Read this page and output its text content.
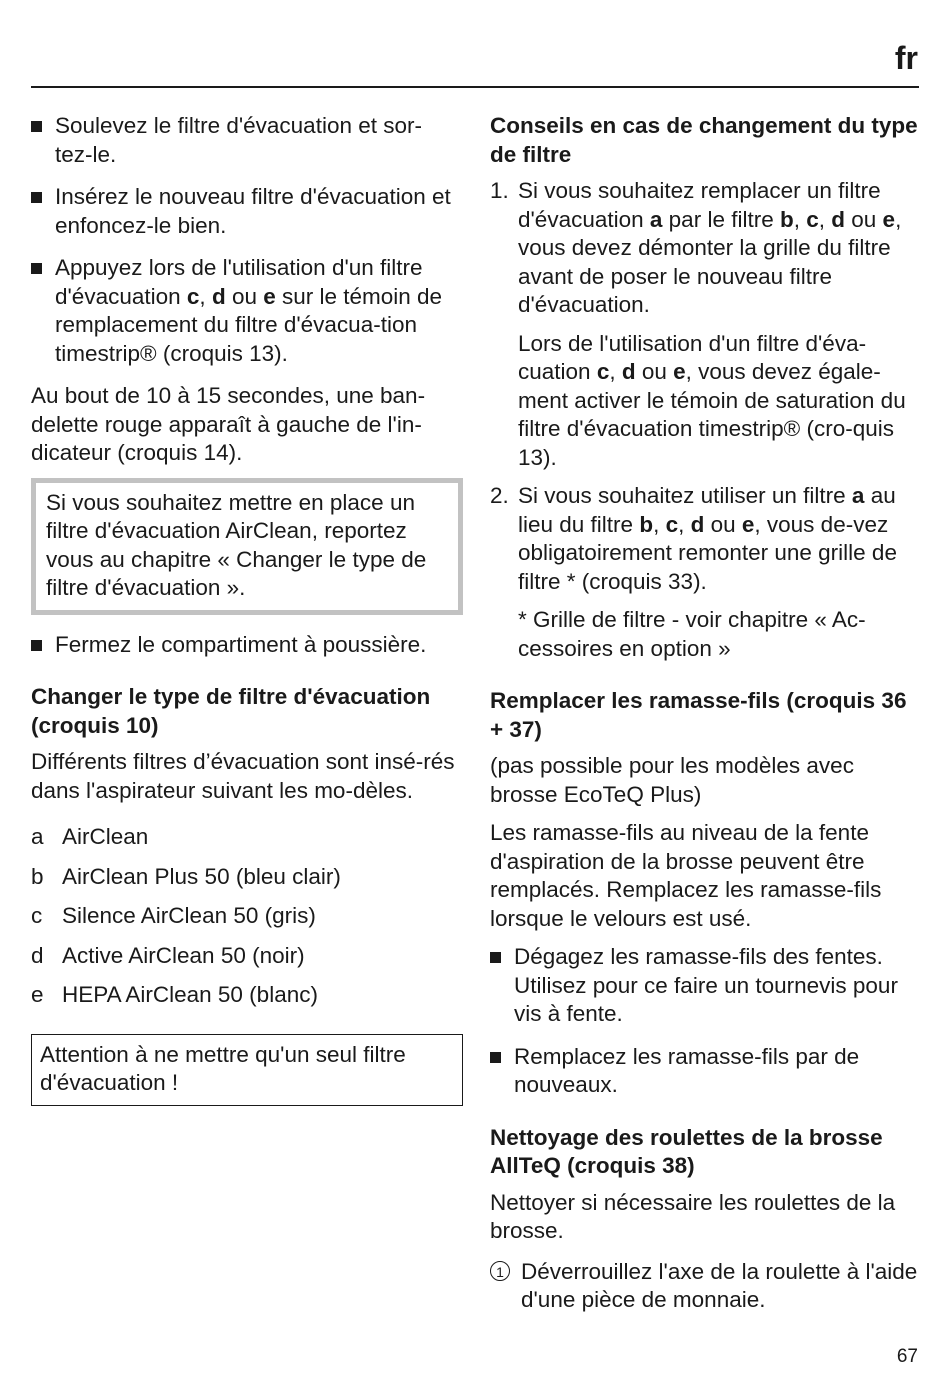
fr
Soulevez le filtre d'évacuation et sor-tez-le.
Insérez le nouveau filtre d'évacuation et enfoncez-le bien.
Appuyez lors de l'utilisation d'un filtre d'évacuation c, d ou e sur le témoin de remplacement du filtre d'évacua-tion timestrip® (croquis 13).

Au bout de 10 à 15 secondes, une ban-delette rouge apparaît à gauche de l'in-dicateur (croquis 14).

Si vous souhaitez mettre en place un filtre d'évacuation AirClean, reportez vous au chapitre « Changer le type de filtre d'évacuation ».
Fermez le compartiment à poussière.
Changer le type de filtre d'évacuation (croquis 10)

Différents filtres d’évacuation sont insé-rés dans l'aspirateur suivant les mo-dèles.

a AirClean
b AirClean Plus 50 (bleu clair)
c Silence AirClean 50 (gris)
d Active AirClean 50 (noir)
e HEPA AirClean 50 (blanc)
Attention à ne mettre qu'un seul filtre d'évacuation !
Conseils en cas de changement du type de filtre
1. Si vous souhaitez remplacer un filtre d'évacuation a par le filtre b, c, d ou e, vous devez démonter la grille du filtre avant de poser le nouveau filtre d'évacuation.
Lors de l'utilisation d'un filtre d'éva-cuation c, d ou e, vous devez égale-ment activer le témoin de saturation du filtre d'évacuation timestrip® (cro-quis 13).
2. Si vous souhaitez utiliser un filtre a au lieu du filtre b, c, d ou e, vous de-vez obligatoirement remonter une grille de filtre * (croquis 33).
* Grille de filtre - voir chapitre « Ac-cessoires en option »
Remplacer les ramasse-fils (croquis 36 + 37)

(pas possible pour les modèles avec brosse EcoTeQ Plus)

Les ramasse-fils au niveau de la fente d'aspiration de la brosse peuvent être remplacés. Remplacez les ramasse-fils lorsque le velours est usé.

Dégagez les ramasse-fils des fentes. Utilisez pour ce faire un tournevis pour vis à fente.
Remplacez les ramasse-fils par de nouveaux.
Nettoyage des roulettes de la brosse AllTeQ (croquis 38)

Nettoyer si nécessaire les roulettes de la brosse.

1 Déverrouillez l'axe de la roulette à l'aide d'une pièce de monnaie.
67
